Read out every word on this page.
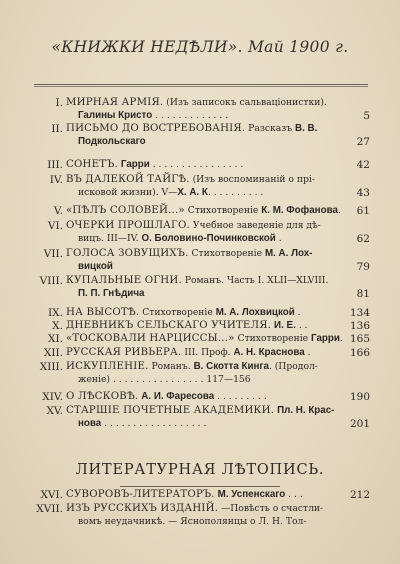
«КНИЖКИ НЕДѢЛИ». Май 1900 г.
I. МИРНАЯ АРМІЯ. (Изъ записокъ сальваціонистки).
Галины Кристо . . . . . . . . . . . . .	5
II. ПИСЬМО ДО ВОСТРЕБОВАНІЯ. Разсказъ В. В.
Подкольскаго	27
III. СОНЕТЪ. Гарри . . . . . . . . . . . . . . . .	42
IV. ВЪ ДАЛЕКОЙ ТАЙГѢ. (Изъ воспоминаній о прі-
исковой жизни). V—Х. А. К. . . . . . . . . .	43
V. «ПѢЛЪ СОЛОВЕЙ...» Стихотвореніе К. М. Фофанова.	61
VI. ОЧЕРКИ ПРОШЛАГО. Учебное заведеніе для дѣ-
вицъ. III—IV. О. Боловино-Починковской .	62
VII. ГОЛОСА ЗОВУЩИХЪ. Стихотвореніе М. А. Лох-
вицкой	79
VIII. КУПАЛЬНЫЕ ОГНИ. Романъ. Часть I. XLII—XLVIII.
П. П. Гнѣдича	81
IX. НА ВЫСОТѢ. Стихотвореніе М. А. Лохвицкой .	134
X. ДНЕВНИКЪ СЕЛЬСКАГО УЧИТЕЛЯ. И. Е. . .	136
XI. «ТОСКОВАЛИ НАРЦИССЫ...» Стихотвореніе Гарри. 165
XII. РУССКАЯ РИВЬЕРА. III. Проф. А. Н. Краснова .	166
XIII. ИСКУПЛЕНІЕ. Романъ. В. Скотта Кинга. (Продол-
женіе) . . . . . . . . . . . . . . . . 117—156
XIV. О ЛѢСКОВѢ. А. И. Фаресова . . . . . . . . .	190
XV. СТАРШІЕ ПОЧЕТНЫЕ АКАДЕМИКИ. Пл. Н. Крас-
нова . . . . . . . . . . . . . . . . . .	201
ЛИТЕРАТУРНАЯ ЛѢТОПИСЬ.
XVI. СУВОРОВЪ-ЛИТЕРАТОРЪ. М. Успенскаго . . .	212
XVII. ИЗЪ РУССКИХЪ ИЗДАНІЙ. —Повѣсть о счастли-
вомъ неудачникѣ. — Яснополянцы о Л. Н. Тол-
